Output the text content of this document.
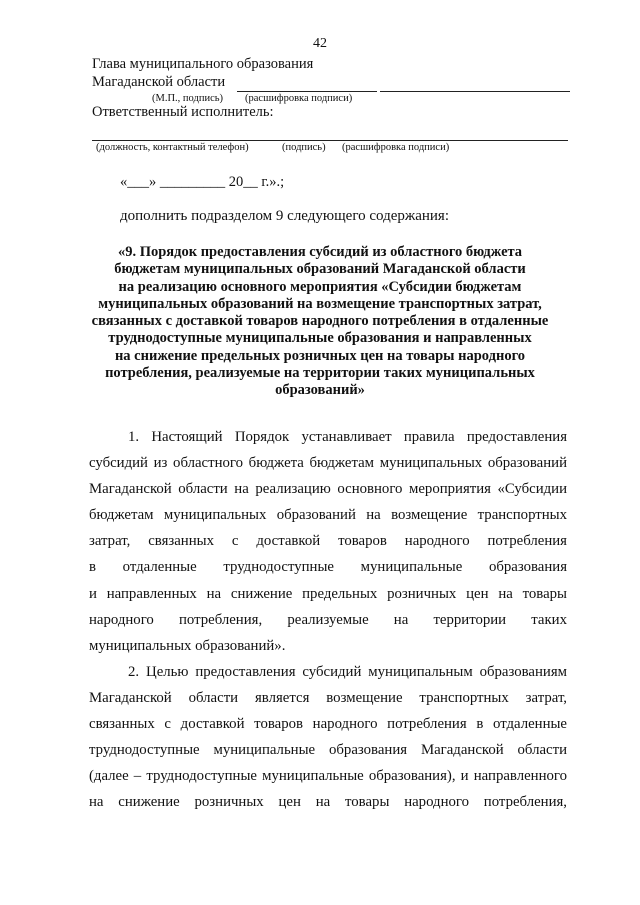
42
Глава муниципального образования
Магаданской области
(М.П., подпись) (расшифровка подписи)
Ответственный исполнитель:
(должность, контактный телефон)	(подпись) (расшифровка подписи)
«___» _________ 20__ г.».;
дополнить подразделом 9 следующего содержания:
«9. Порядок предоставления субсидий из областного бюджета
бюджетам муниципальных образований Магаданской области
на реализацию основного мероприятия «Субсидии бюджетам
муниципальных образований на возмещение транспортных затрат,
связанных с доставкой товаров народного потребления в отдаленные
труднодоступные муниципальные образования и направленных
на снижение предельных розничных цен на товары народного
потребления, реализуемые на территории таких муниципальных
образований»
1. Настоящий Порядок устанавливает правила предоставления
субсидий из областного бюджета бюджетам муниципальных образований
Магаданской области на реализацию основного мероприятия «Субсидии
бюджетам муниципальных образований на возмещение транспортных
затрат, связанных с доставкой товаров народного потребления
в отдаленные труднодоступные муниципальные образования
и направленных на снижение предельных розничных цен на товары
народного потребления, реализуемые на территории таких
муниципальных образований».
2. Целью предоставления субсидий муниципальным образованиям
Магаданской области является возмещение транспортных затрат,
связанных с доставкой товаров народного потребления в отдаленные
труднодоступные муниципальные образования Магаданской области
(далее – труднодоступные муниципальные образования), и направленного
на снижение розничных цен на товары народного потребления,
